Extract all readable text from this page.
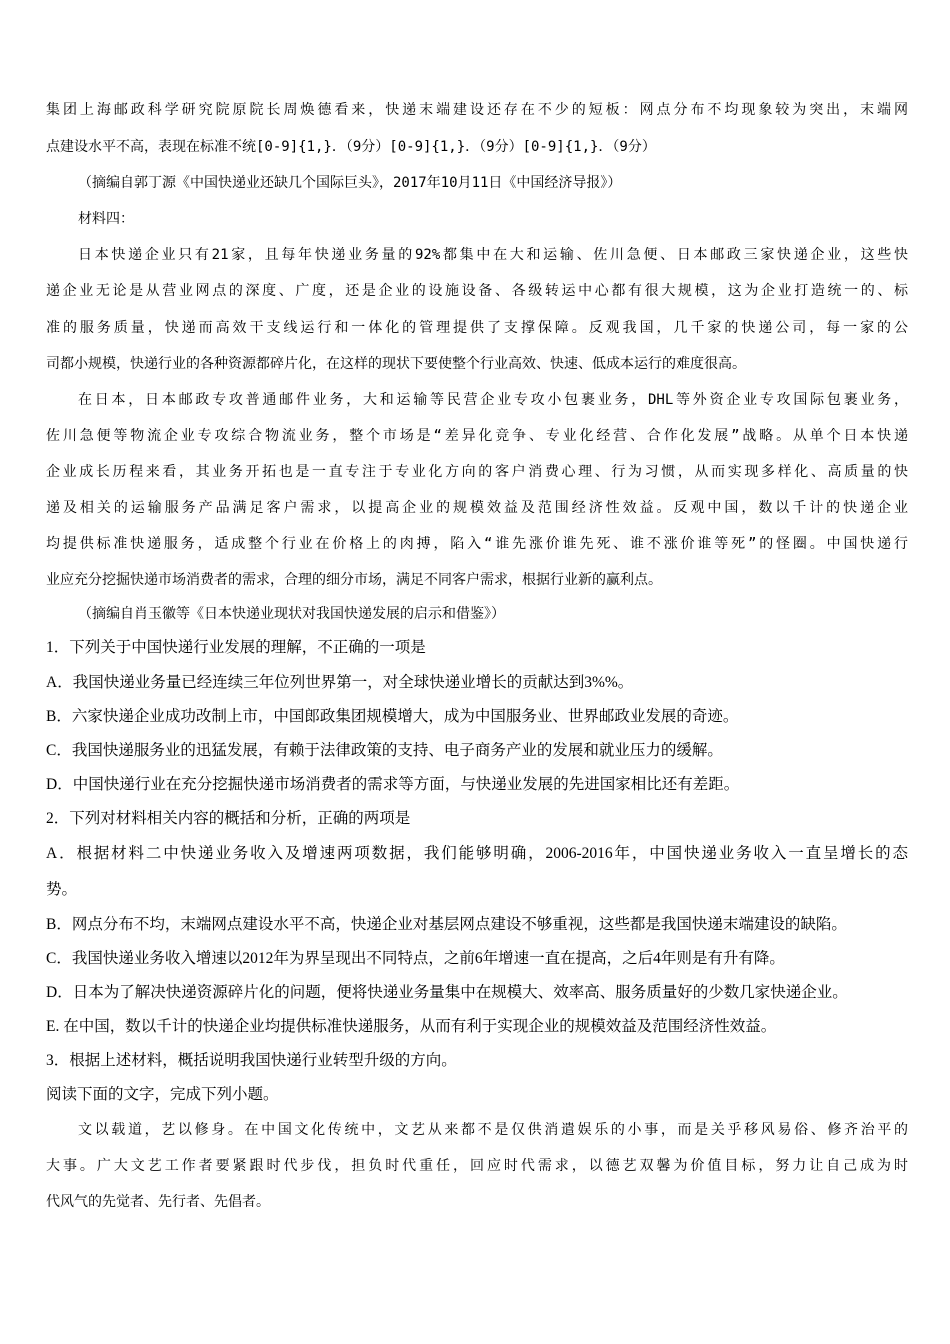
集团上海邮政科学研究院原院长周焕德看来，快递末端建设还存在不少的短板：网点分布不均现象较为突出，末端网
点建设水平不高，表现在标准不统[0-9]{1,}．（9分）[0-9]{1,}．（9分）[0-9]{1,}．（9分）
（摘编自郭丁源《中国快递业还缺几个国际巨头》，2017年10月11日《中国经济导报》）
材料四：
日本快递企业只有21家，且每年快递业务量的92%都集中在大和运输、佐川急便、日本邮政三家快递企业，这些快
递企业无论是从营业网点的深度、广度，还是企业的设施设备、各级转运中心都有很大规模，这为企业打造统一的、标
准的服务质量，快递而高效干支线运行和一体化的管理提供了支撑保障。反观我国，几千家的快递公司，每一家的公
司都小规模，快递行业的各种资源都碎片化，在这样的现状下要使整个行业高效、快速、低成本运行的难度很高。
在日本，日本邮政专攻普通邮件业务，大和运输等民营企业专攻小包裹业务，DHL等外资企业专攻国际包裹业务，
佐川急便等物流企业专攻综合物流业务，整个市场是“差异化竞争、专业化经营、合作化发展”战略。从单个日本快递
企业成长历程来看，其业务开拓也是一直专注于专业化方向的客户消费心理、行为习惯，从而实现多样化、高质量的快
递及相关的运输服务产品满足客户需求，以提高企业的规模效益及范围经济性效益。反观中国，数以千计的快递企业
均提供标准快递服务，适成整个行业在价格上的肉搏，陷入“谁先涨价谁先死、谁不涨价谁等死”的怪圈。中国快递行
业应充分挖掘快递市场消费者的需求，合理的细分市场，满足不同客户需求，根据行业新的赢利点。
（摘编自肖玉徽等《日本快递业现状对我国快递发展的启示和借鉴》）
1．下列关于中国快递行业发展的理解，不正确的一项是
A．我国快递业务量已经连续三年位列世界第一，对全球快递业增长的贡献达到3%%。
B．六家快递企业成功改制上市，中国郎政集团规模增大，成为中国服务业、世界邮政业发展的奇迹。
C．我国快递服务业的迅猛发展，有赖于法律政策的支持、电子商务产业的发展和就业压力的缓解。
D．中国快递行业在充分挖掘快递市场消费者的需求等方面，与快递业发展的先进国家相比还有差距。
2．下列对材料相关内容的概括和分析，正确的两项是
A．根据材料二中快递业务收入及增速两项数据，我们能够明确，2006-2016年，中国快递业务收入一直呈增长的态
势。
B．网点分布不均，末端网点建设水平不高，快递企业对基层网点建设不够重视，这些都是我国快递末端建设的缺陷。
C．我国快递业务收入增速以2012年为界呈现出不同特点，之前6年增速一直在提高，之后4年则是有升有降。
D．日本为了解决快递资源碎片化的问题，便将快递业务量集中在规模大、效率高、服务质量好的少数几家快递企业。
E. 在中国，数以千计的快递企业均提供标准快递服务，从而有利于实现企业的规模效益及范围经济性效益。
3．根据上述材料，概括说明我国快递行业转型升级的方向。
阅读下面的文字，完成下列小题。
文以载道，艺以修身。在中国文化传统中，文艺从来都不是仅供消遣娱乐的小事，而是关乎移风易俗、修齐治平的
大事。广大文艺工作者要紧跟时代步伐，担负时代重任，回应时代需求，以德艺双馨为价值目标，努力让自己成为时
代风气的先觉者、先行者、先倡者。
